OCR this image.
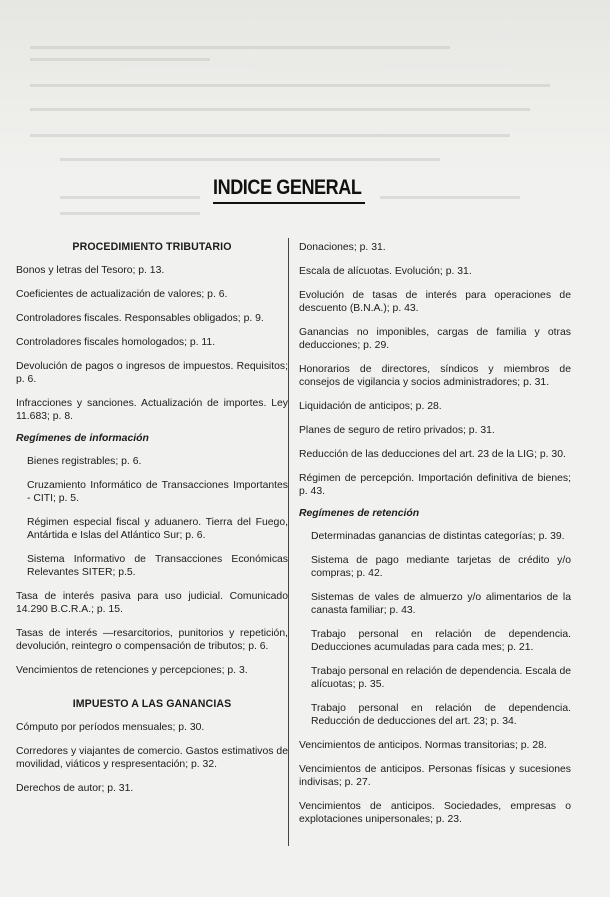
INDICE GENERAL
PROCEDIMIENTO TRIBUTARIO
Bonos y letras del Tesoro; p. 13.
Coeficientes de actualización de valores; p. 6.
Controladores fiscales. Responsables obligados; p. 9.
Controladores fiscales homologados; p. 11.
Devolución de pagos o ingresos de impuestos. Requisitos; p. 6.
Infracciones y sanciones. Actualización de importes. Ley 11.683; p. 8.
Regímenes de información
Bienes registrables; p. 6.
Cruzamiento Informático de Transacciones Importantes - CITI; p. 5.
Régimen especial fiscal y aduanero. Tierra del Fuego, Antártida e Islas del Atlántico Sur; p. 6.
Sistema Informativo de Transacciones Económicas Relevantes SITER; p.5.
Tasa de interés pasiva para uso judicial. Comunicado 14.290 B.C.R.A.; p. 15.
Tasas de interés —resarcitorios, punitorios y repetición, devolución, reintegro o compensación de tributos; p. 6.
Vencimientos de retenciones y percepciones; p. 3.
IMPUESTO A LAS GANANCIAS
Cómputo por períodos mensuales; p. 30.
Corredores y viajantes de comercio. Gastos estimativos de movilidad, viáticos y respresentación; p. 32.
Derechos de autor; p. 31.
Donaciones; p. 31.
Escala de alícuotas. Evolución; p. 31.
Evolución de tasas de interés para operaciones de descuento (B.N.A.); p. 43.
Ganancias no imponibles, cargas de familia y otras deducciones; p. 29.
Honorarios de directores, síndicos y miembros de consejos de vigilancia y socios administradores; p. 31.
Liquidación de anticipos; p. 28.
Planes de seguro de retiro privados; p. 31.
Reducción de las deducciones del art. 23 de la LIG; p. 30.
Régimen de percepción. Importación definitiva de bienes; p. 43.
Regímenes de retención
Determinadas ganancias de distintas categorías; p. 39.
Sistema de pago mediante tarjetas de crédito y/o compras; p. 42.
Sistemas de vales de almuerzo y/o alimentarios de la canasta familiar; p. 43.
Trabajo personal en relación de dependencia. Deducciones acumuladas para cada mes; p. 21.
Trabajo personal en relación de dependencia. Escala de alícuotas; p. 35.
Trabajo personal en relación de dependencia. Reducción de deducciones del art. 23; p. 34.
Vencimientos de anticipos. Normas transitorias; p. 28.
Vencimientos de anticipos. Personas físicas y sucesiones indivisas; p. 27.
Vencimientos de anticipos. Sociedades, empresas o explotaciones unipersonales; p. 23.
